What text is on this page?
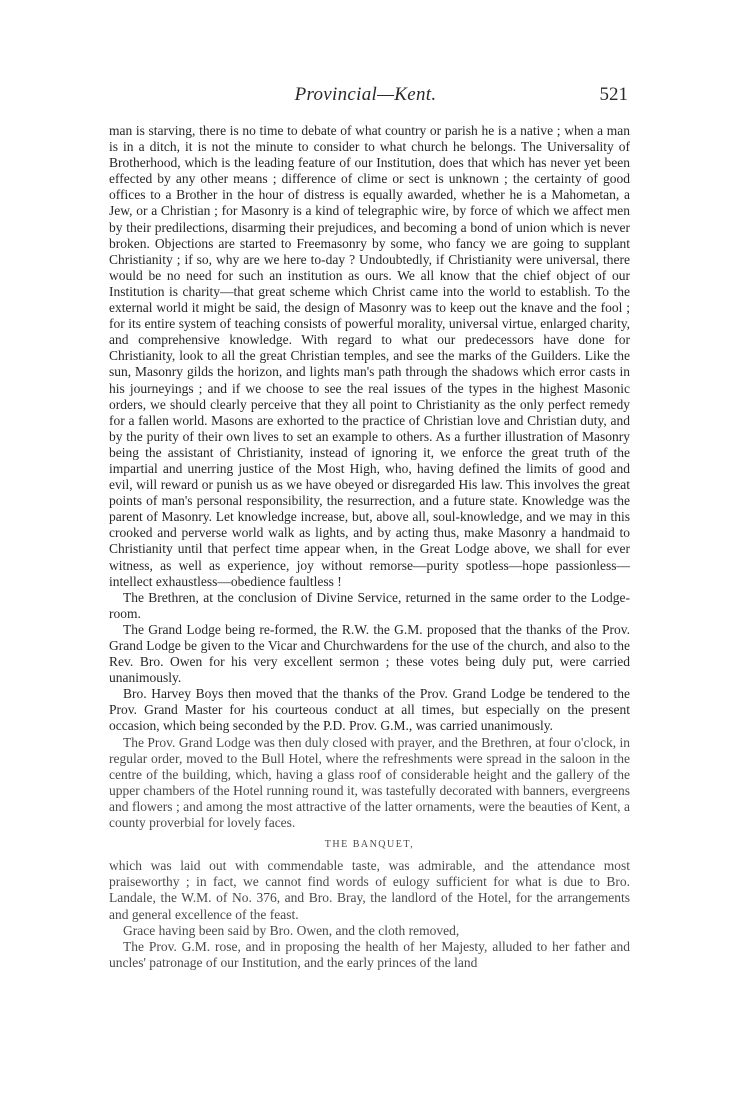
Provincial—Kent.	521

man is starving, there is no time to debate of what country or parish he is a native ; when a man is in a ditch, it is not the minute to consider to what church he belongs. The Universality of Brotherhood, which is the leading feature of our Institution, does that which has never yet been effected by any other means ; difference of clime or sect is unknown ; the certainty of good offices to a Brother in the hour of distress is equally awarded, whether he is a Mahometan, a Jew, or a Christian ; for Masonry is a kind of telegraphic wire, by force of which we affect men by their predilections, disarming their prejudices, and becoming a bond of union which is never broken. Objections are started to Freemasonry by some, who fancy we are going to supplant Christianity ; if so, why are we here to-day ? Undoubtedly, if Christianity were universal, there would be no need for such an institution as ours. We all know that the chief object of our Institution is charity—that great scheme which Christ came into the world to establish. To the external world it might be said, the design of Masonry was to keep out the knave and the fool ; for its entire system of teaching consists of powerful morality, universal virtue, enlarged charity, and comprehensive knowledge. With regard to what our predecessors have done for Christianity, look to all the great Christian temples, and see the marks of the Guilders. Like the sun, Masonry gilds the horizon, and lights man's path through the shadows which error casts in his journeyings ; and if we choose to see the real issues of the types in the highest Masonic orders, we should clearly perceive that they all point to Christianity as the only perfect remedy for a fallen world. Masons are exhorted to the practice of Christian love and Christian duty, and by the purity of their own lives to set an example to others. As a further illustration of Masonry being the assistant of Christianity, instead of ignoring it, we enforce the great truth of the impartial and unerring justice of the Most High, who, having defined the limits of good and evil, will reward or punish us as we have obeyed or disregarded His law. This involves the great points of man's personal responsibility, the resurrection, and a future state. Knowledge was the parent of Masonry. Let knowledge increase, but, above all, soul-knowledge, and we may in this crooked and perverse world walk as lights, and by acting thus, make Masonry a handmaid to Christianity until that perfect time appear when, in the Great Lodge above, we shall for ever witness, as well as experience, joy without remorse—purity spotless—hope passionless—intellect exhaustless—obedience faultless !

The Brethren, at the conclusion of Divine Service, returned in the same order to the Lodge-room.

The Grand Lodge being re-formed, the R.W. the G.M. proposed that the thanks of the Prov. Grand Lodge be given to the Vicar and Churchwardens for the use of the church, and also to the Rev. Bro. Owen for his very excellent sermon ; these votes being duly put, were carried unanimously.

Bro. Harvey Boys then moved that the thanks of the Prov. Grand Lodge be tendered to the Prov. Grand Master for his courteous conduct at all times, but especially on the present occasion, which being seconded by the P.D. Prov. G.M., was carried unanimously.

The Prov. Grand Lodge was then duly closed with prayer, and the Brethren, at four o'clock, in regular order, moved to the Bull Hotel, where the refreshments were spread in the saloon in the centre of the building, which, having a glass roof of considerable height and the gallery of the upper chambers of the Hotel running round it, was tastefully decorated with banners, evergreens and flowers ; and among the most attractive of the latter ornaments, were the beauties of Kent, a county proverbial for lovely faces.

THE BANQUET,

which was laid out with commendable taste, was admirable, and the attendance most praiseworthy ; in fact, we cannot find words of eulogy sufficient for what is due to Bro. Landale, the W.M. of No. 376, and Bro. Bray, the landlord of the Hotel, for the arrangements and general excellence of the feast.

Grace having been said by Bro. Owen, and the cloth removed,

The Prov. G.M. rose, and in proposing the health of her Majesty, alluded to her father and uncles' patronage of our Institution, and the early princes of the land
